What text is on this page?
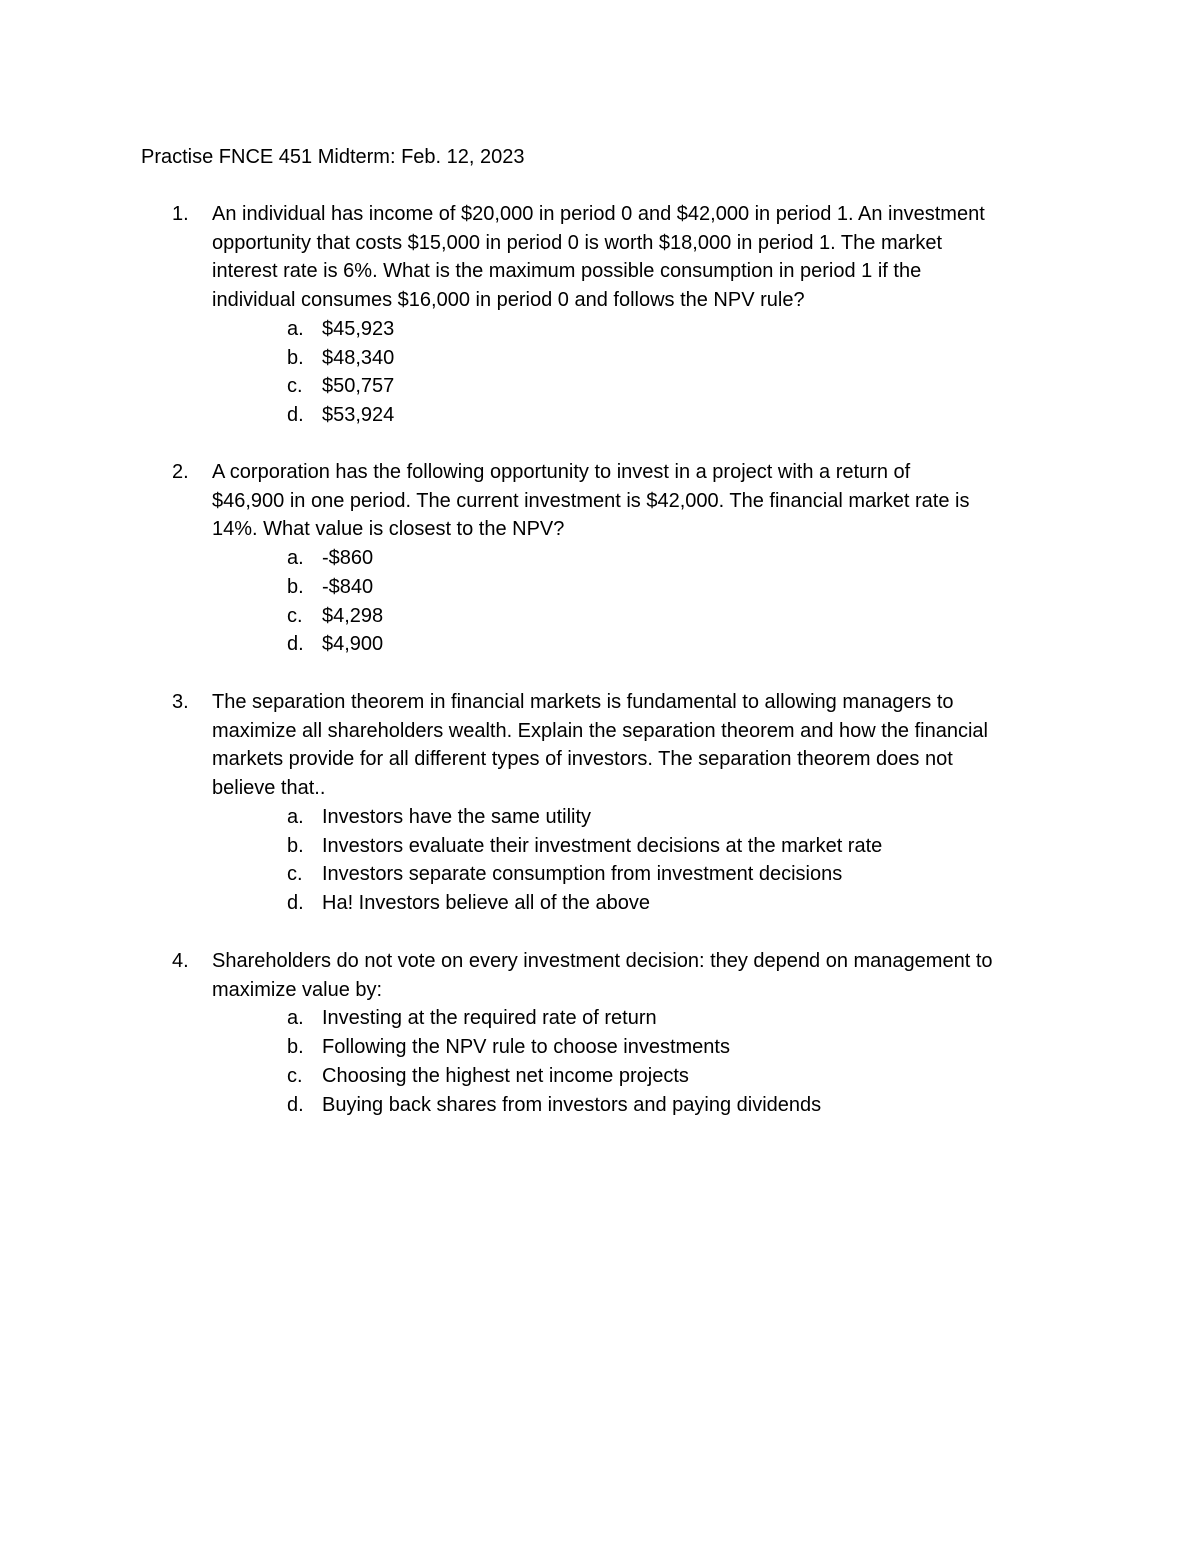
Practise FNCE 451 Midterm: Feb. 12, 2023
1.	An individual has income of $20,000 in period 0 and $42,000 in period 1. An investment
opportunity that costs $15,000 in period 0 is worth $18,000 in period 1. The market
interest rate is 6%. What is the maximum possible consumption in period 1 if the
individual consumes $16,000 in period 0 and follows the NPV rule?
a. $45,923
b. $48,340
c. $50,757
d. $53,924
2.	A corporation has the following opportunity to invest in a project with a return of
$46,900 in one period. The current investment is $42,000. The financial market rate is
14%. What value is closest to the NPV?
a. -$860
b. -$840
c. $4,298
d. $4,900
3.	The separation theorem in financial markets is fundamental to allowing managers to
maximize all shareholders wealth. Explain the separation theorem and how the financial
markets provide for all different types of investors. The separation theorem does not
believe that..
a. Investors have the same utility
b. Investors evaluate their investment decisions at the market rate
c. Investors separate consumption from investment decisions
d. Ha! Investors believe all of the above
4.	Shareholders do not vote on every investment decision: they depend on management to
maximize value by:
a. Investing at the required rate of return
b. Following the NPV rule to choose investments
c. Choosing the highest net income projects
d. Buying back shares from investors and paying dividends
